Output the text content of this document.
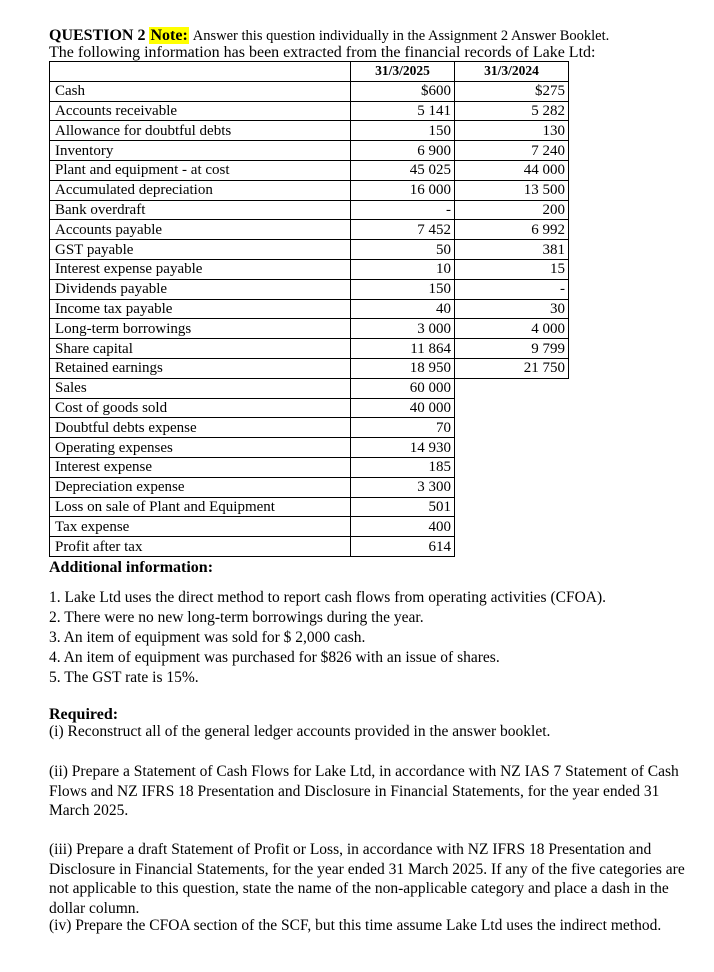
QUESTION 2 Note: Answer this question individually in the Assignment 2 Answer Booklet.
The following information has been extracted from the financial records of Lake Ltd:
	31/3/2025	31/3/2024
Cash	$600	$275
Accounts receivable	5 141	5 282
Allowance for doubtful debts	150	130
Inventory	6 900	7 240
Plant and equipment - at cost	45 025	44 000
Accumulated depreciation	16 000	13 500
Bank overdraft	-	200
Accounts payable	7 452	6 992
GST payable	50	381
Interest expense payable	10	15
Dividends payable	150	-
Income tax payable	40	30
Long-term borrowings	3 000	4 000
Share capital	11 864	9 799
Retained earnings	18 950	21 750
Sales	60 000	
Cost of goods sold	40 000	
Doubtful debts expense	70	
Operating expenses	14 930	
Interest expense	185	
Depreciation expense	3 300	
Loss on sale of Plant and Equipment	501	
Tax expense	400	
Profit after tax	614	
Additional information:
1. Lake Ltd uses the direct method to report cash flows from operating activities (CFOA).
2. There were no new long-term borrowings during the year.
3. An item of equipment was sold for $ 2,000 cash.
4. An item of equipment was purchased for $826 with an issue of shares.
5. The GST rate is 15%.
Required:

(i) Reconstruct all of the general ledger accounts provided in the answer booklet.

(ii) Prepare a Statement of Cash Flows for Lake Ltd, in accordance with NZ IAS 7 Statement of Cash Flows and NZ IFRS 18 Presentation and Disclosure in Financial Statements, for the year ended 31 March 2025.

(iii) Prepare a draft Statement of Profit or Loss, in accordance with NZ IFRS 18 Presentation and Disclosure in Financial Statements, for the year ended 31 March 2025. If any of the five categories are not applicable to this question, state the name of the non-applicable category and place a dash in the dollar column.

(iv) Prepare the CFOA section of the SCF, but this time assume Lake Ltd uses the indirect method.
